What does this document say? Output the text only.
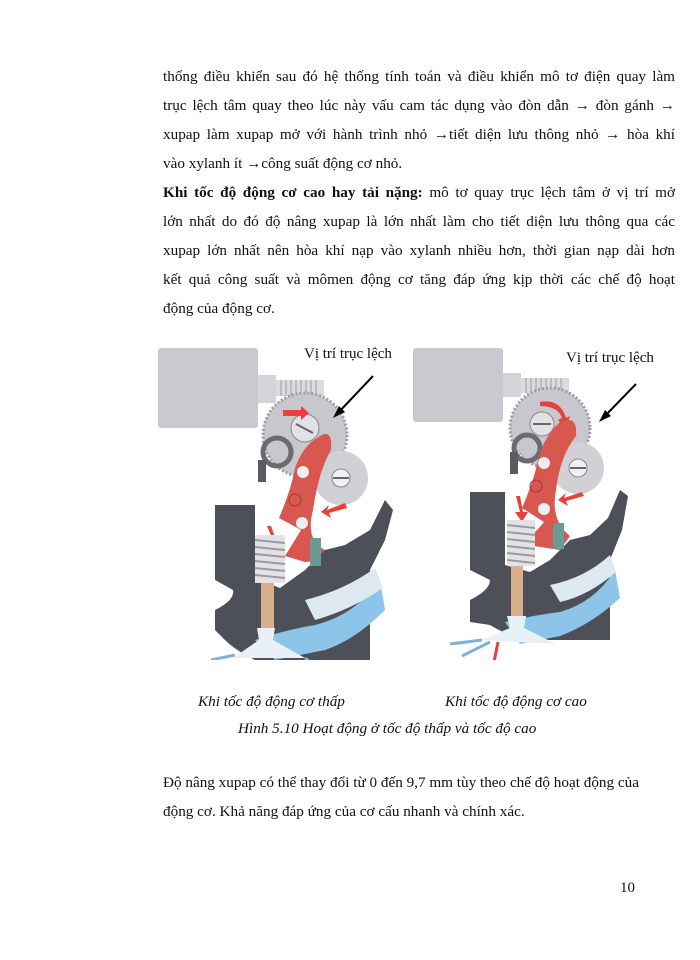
thống điều khiển sau đó hệ thống tính toán và điều khiển mô tơ điện quay làm
trục lệch tâm quay theo lúc này vấu cam tác dụng vào đòn dẫn → đòn gánh →
xupap làm xupap mở với hành trình nhỏ →tiết diện lưu thông nhỏ → hòa khí
vào xylanh ít →công suất động cơ nhỏ.
Khi tốc độ động cơ cao hay tải nặng: mô tơ quay trục lệch tâm ở vị trí mở
lớn nhất do đó độ nâng xupap là lớn nhất làm cho tiết diện lưu thông qua các
xupap lớn nhất nên hòa khí nạp vào xylanh nhiều hơn, thời gian nạp dài hơn
kết quả công suất và mômen động cơ tăng đáp ứng kịp thời các chế độ hoạt
động của động cơ.
Vị trí trục lệch	Vị trí trục lệch
Khi tốc độ động cơ thấp	Khi tốc độ động cơ cao
Hình 5.10 Hoạt động ở tốc độ thấp và tốc độ cao
Độ nâng xupap có thể thay đổi từ 0 đến 9,7 mm tùy theo chế độ hoạt động của
động cơ. Khả năng đáp ứng của cơ cấu nhanh và chính xác.
10
